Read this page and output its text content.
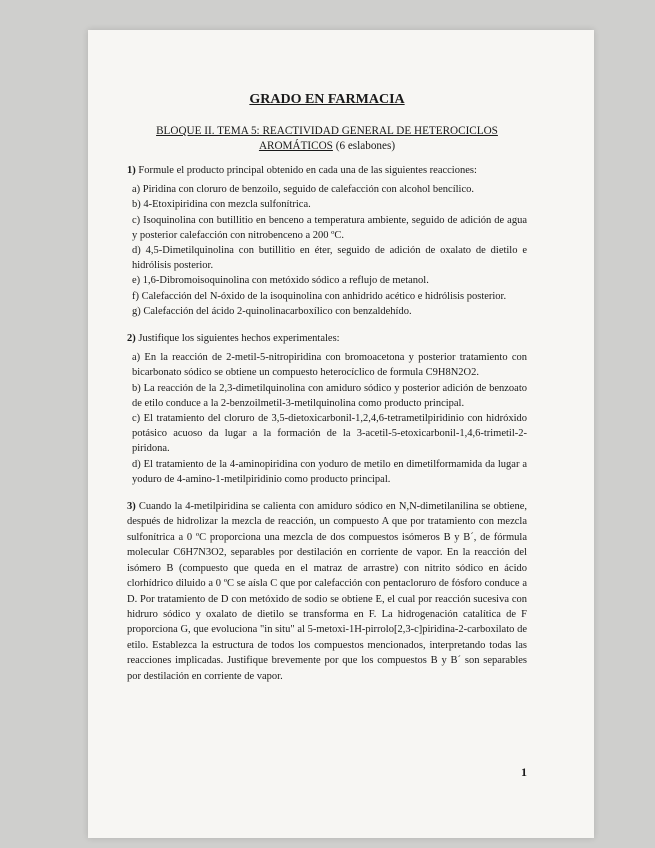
GRADO EN FARMACIA
BLOQUE II. TEMA 5: REACTIVIDAD GENERAL DE HETEROCICLOS
AROMÁTICOS (6 eslabones)
1) Formule el producto principal obtenido en cada una de las siguientes reacciones:
a) Piridina con cloruro de benzoilo, seguido de calefacción con alcohol bencílico.
b) 4-Etoxipiridina con mezcla sulfonítrica.
c) Isoquinolina con butillitio en benceno a temperatura ambiente, seguido de adición de agua y posterior calefacción con nitrobenceno a 200 ºC.
d) 4,5-Dimetilquinolina con butillitio en éter, seguido de adición de oxalato de dietilo e hidrólisis posterior.
e) 1,6-Dibromoisoquinolina con metóxido sódico a reflujo de metanol.
f) Calefacción del N-óxido de la isoquinolina con anhidrido acético e hidrólisis posterior.
g) Calefacción del ácido 2-quinolinacarboxílico con benzaldehído.
2) Justifique los siguientes hechos experimentales:
a) En la reacción de 2-metil-5-nitropiridina con bromoacetona y posterior tratamiento con bicarbonato sódico se obtiene un compuesto heterocíclico de formula C9H8N2O2.
b) La reacción de la 2,3-dimetilquinolina con amiduro sódico y posterior adición de benzoato de etilo conduce a la 2-benzoilmetil-3-metilquinolina como producto principal.
c) El tratamiento del cloruro de 3,5-dietoxicarbonil-1,2,4,6-tetrametilpiridinio con hidróxido potásico acuoso da lugar a la formación de la 3-acetil-5-etoxicarbonil-1,4,6-trimetil-2-piridona.
d) El tratamiento de la 4-aminopiridina con yoduro de metilo en dimetilformamida da lugar a yoduro de 4-amino-1-metilpiridinio como producto principal.

3) Cuando la 4-metilpiridina se calienta con amiduro sódico en N,N-dimetilanilina se obtiene, después de hidrolizar la mezcla de reacción, un compuesto A que por tratamiento con mezcla sulfonítrica a 0 ºC proporciona una mezcla de dos compuestos isómeros B y B´, de fórmula molecular C6H7N3O2, separables por destilación en corriente de vapor. En la reacción del isómero B (compuesto que queda en el matraz de arrastre) con nitrito sódico en ácido clorhídrico diluido a 0 ºC se aísla C que por calefacción con pentacloruro de fósforo conduce a D. Por tratamiento de D con metóxido de sodio se obtiene E, el cual por reacción sucesiva con hidruro sódico y oxalato de dietilo se transforma en F. La hidrogenación catalítica de F proporciona G, que evoluciona "in situ" al 5-metoxi-1H-pirrolo[2,3-c]piridina-2-carboxilato de etilo. Establezca la estructura de todos los compuestos mencionados, interpretando todas las reacciones implicadas. Justifique brevemente por que los compuestos B y B´ son separables por destilación en corriente de vapor.

1
